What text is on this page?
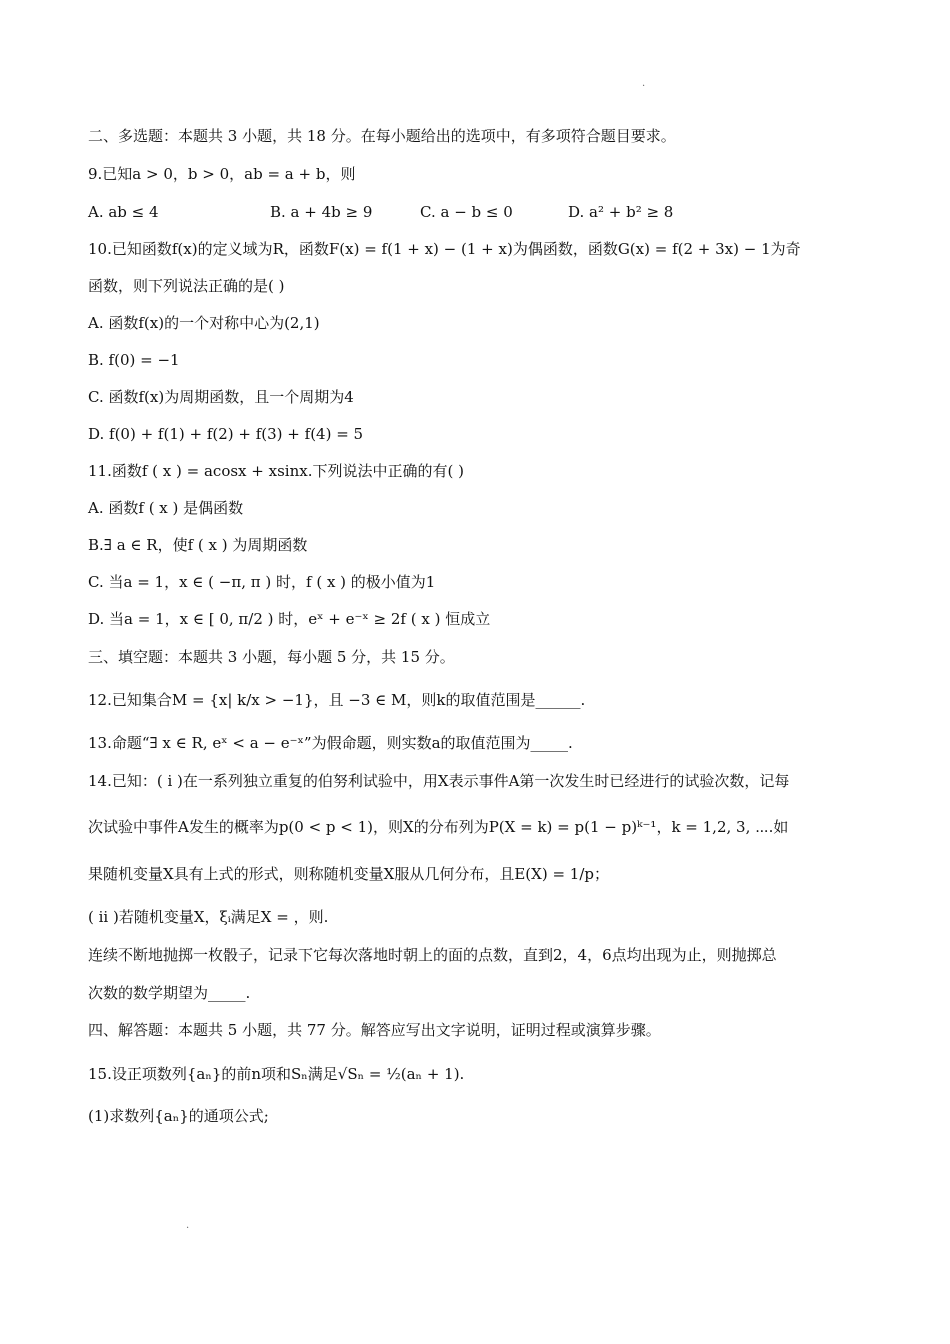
.
二、多选题：本题共 3 小题，共 18 分。在每小题给出的选项中，有多项符合题目要求。
9.已知a > 0，b > 0，ab = a + b，则
A. ab ≤ 4	B. a + 4b ≥ 9	C. a − b ≤ 0	D. a² + b² ≥ 8
10.已知函数f(x)的定义域为R，函数F(x) = f(1 + x) − (1 + x)为偶函数，函数G(x) = f(2 + 3x) − 1为奇
函数，则下列说法正确的是( )
A. 函数f(x)的一个对称中心为(2,1)
B. f(0) = −1
C. 函数f(x)为周期函数，且一个周期为4
D. f(0) + f(1) + f(2) + f(3) + f(4) = 5
11.函数f ( x ) = acosx + xsinx.下列说法中正确的有( )
A. 函数f ( x ) 是偶函数
B.∃ a ∈ R，使f ( x ) 为周期函数
C. 当a = 1，x ∈ ( −π, π ) 时，f ( x ) 的极小值为1
D. 当a = 1，x ∈ [ 0, π/2 ) 时，eˣ + e⁻ˣ ≥ 2f ( x ) 恒成立
三、填空题：本题共 3 小题，每小题 5 分，共 15 分。
12.已知集合M = {x| k/x > −1}，且 −3 ∈ M，则k的取值范围是______.
13.命题“∃ x ∈ R, eˣ < a − e⁻ˣ”为假命题，则实数a的取值范围为_____.
14.已知：( i )在一系列独立重复的伯努利试验中，用X表示事件A第一次发生时已经进行的试验次数，记每
次试验中事件A发生的概率为p(0 < p < 1)，则X的分布列为P(X = k) = p(1 − p)ᵏ⁻¹，k = 1,2, 3, ⋯.如
果随机变量X具有上式的形式，则称随机变量X服从几何分布，且E(X) = 1/p；
( ii )若随机变量X，ξᵢ满足X = ，则.
连续不断地抛掷一枚骰子，记录下它每次落地时朝上的面的点数，直到2，4，6点均出现为止，则抛掷总
次数的数学期望为_____.
四、解答题：本题共 5 小题，共 77 分。解答应写出文字说明，证明过程或演算步骤。
15.设正项数列{aₙ}的前n项和Sₙ满足√Sₙ = ½(aₙ + 1).
(1)求数列{aₙ}的通项公式;
.
